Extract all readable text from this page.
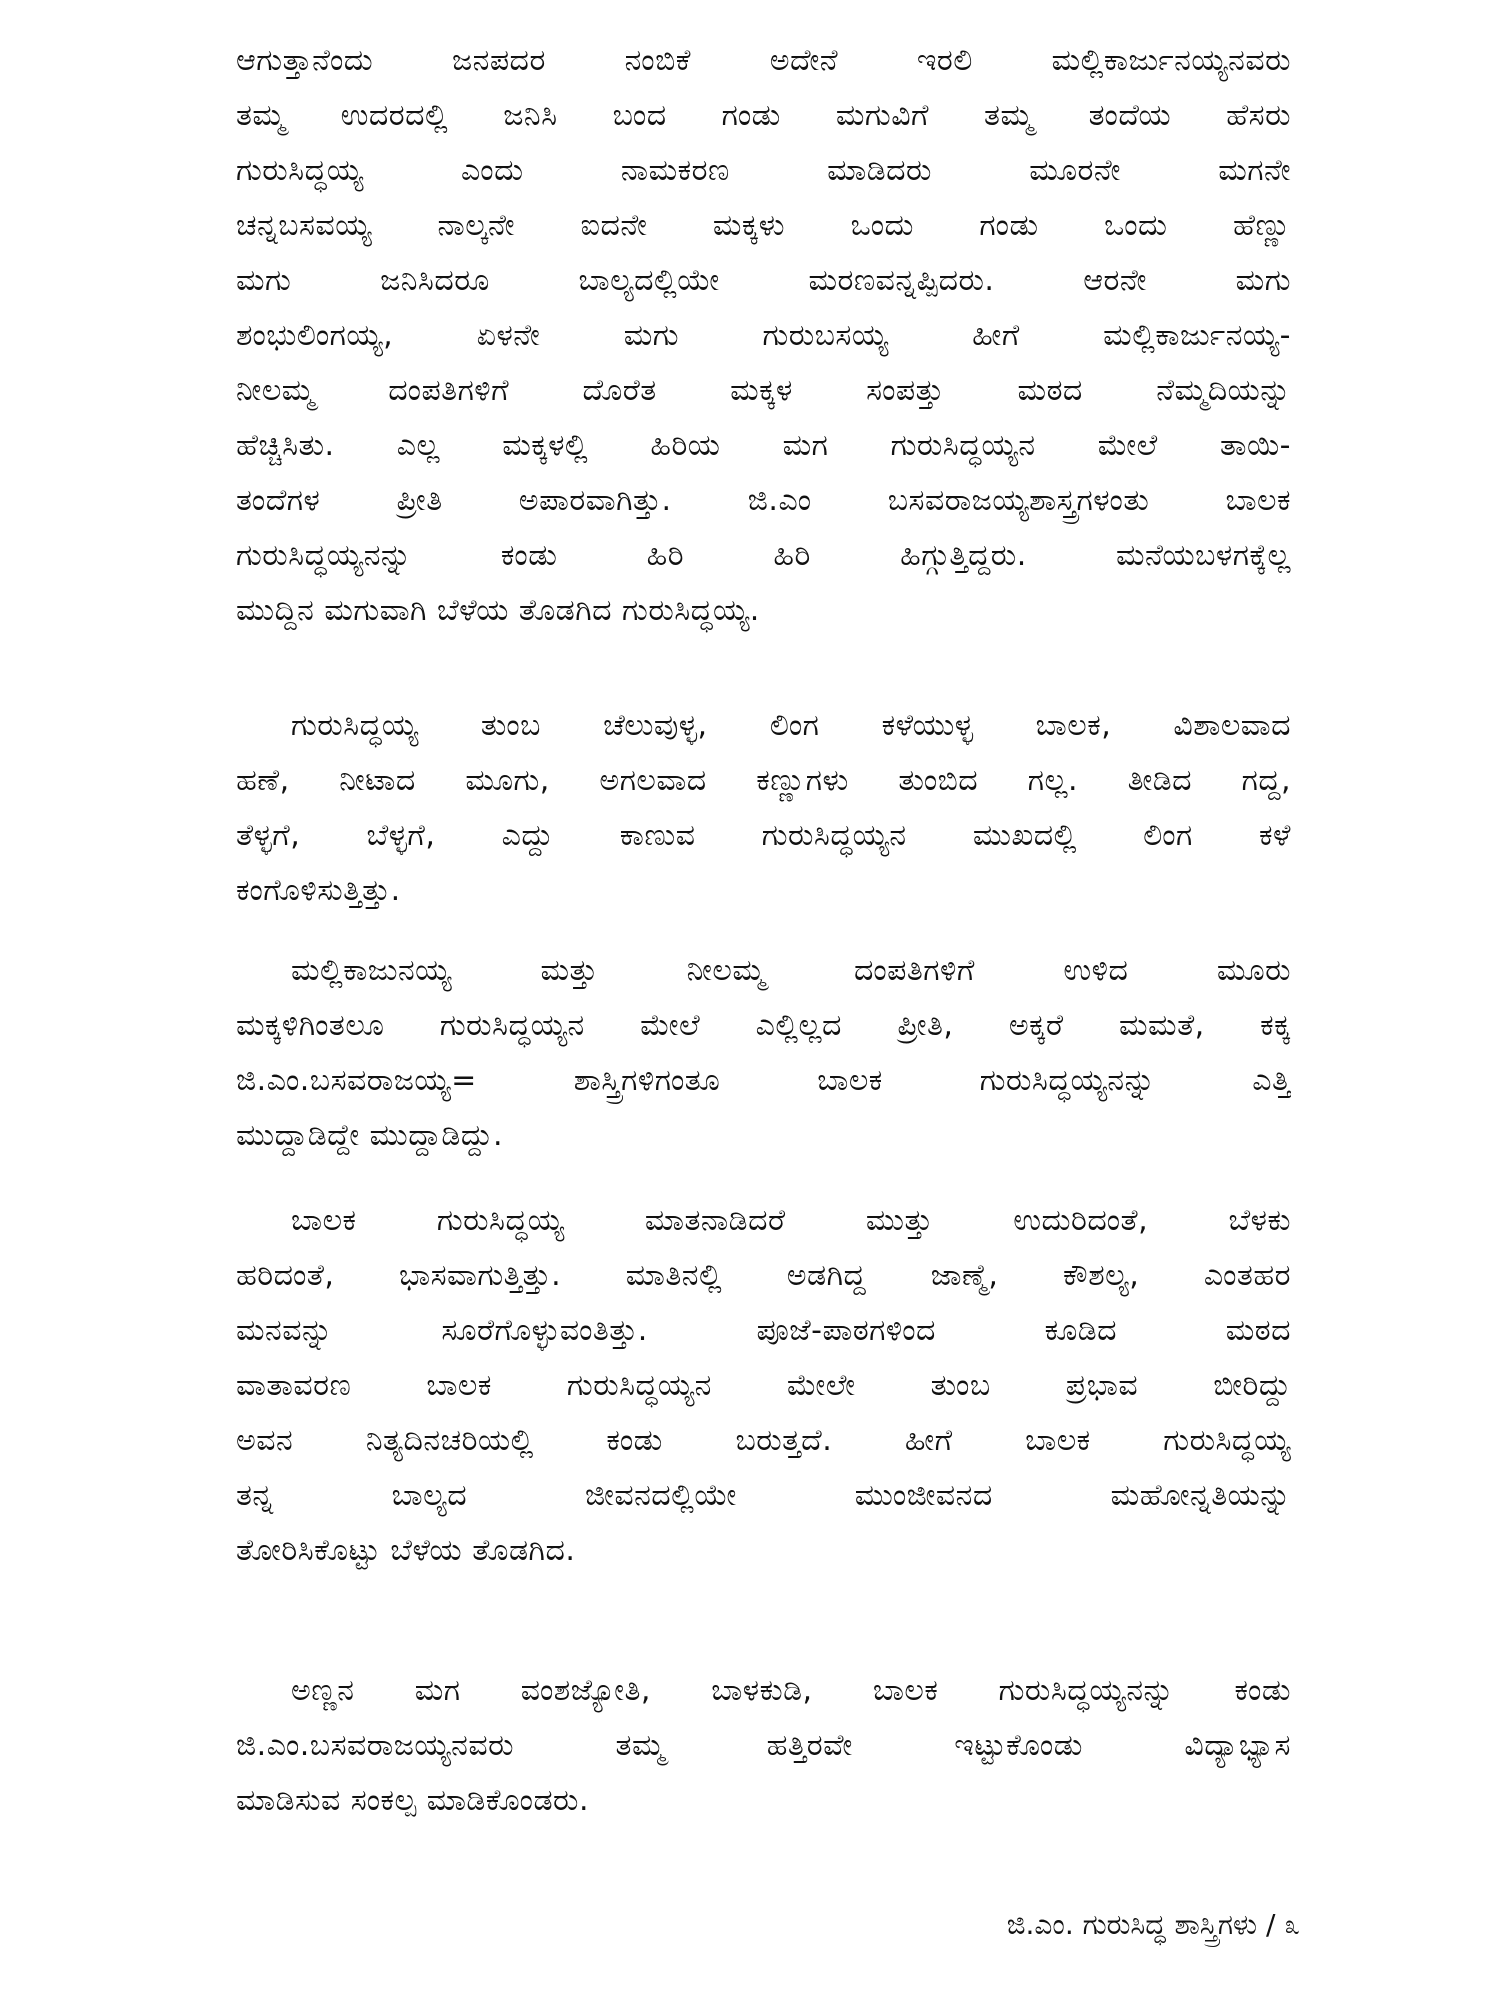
ಆಗುತ್ತಾನೆಂದು ಜನಪದರ ನಂಬಿಕೆ ಅದೇನೆ ಇರಲಿ ಮಲ್ಲಿಕಾರ್ಜುನಯ್ಯನವರು
ತಮ್ಮ ಉದರದಲ್ಲಿ ಜನಿಸಿ ಬಂದ ಗಂಡು ಮಗುವಿಗೆ ತಮ್ಮ ತಂದೆಯ ಹೆಸರು
ಗುರುಸಿದ್ಧಯ್ಯ ಎಂದು ನಾಮಕರಣ ಮಾಡಿದರು ಮೂರನೇ ಮಗನೇ
ಚನ್ನಬಸವಯ್ಯ ನಾಲ್ಕನೇ ಐದನೇ ಮಕ್ಕಳು ಒಂದು ಗಂಡು ಒಂದು ಹೆಣ್ಣು
ಮಗು ಜನಿಸಿದರೂ ಬಾಲ್ಯದಲ್ಲಿಯೇ ಮರಣವನ್ನಪ್ಪಿದರು. ಆರನೇ ಮಗು
ಶಂಭುಲಿಂಗಯ್ಯ, ಏಳನೇ ಮಗು ಗುರುಬಸಯ್ಯ ಹೀಗೆ ಮಲ್ಲಿಕಾರ್ಜುನಯ್ಯ-
ನೀಲಮ್ಮ ದಂಪತಿಗಳಿಗೆ ದೊರೆತ ಮಕ್ಕಳ ಸಂಪತ್ತು ಮಠದ ನೆಮ್ಮದಿಯನ್ನು
ಹೆಚ್ಚಿಸಿತು. ಎಲ್ಲ ಮಕ್ಕಳಲ್ಲಿ ಹಿರಿಯ ಮಗ ಗುರುಸಿದ್ಧಯ್ಯನ ಮೇಲೆ ತಾಯಿ-
ತಂದೆಗಳ ಪ್ರೀತಿ ಅಪಾರವಾಗಿತ್ತು. ಜಿ.ಎಂ ಬಸವರಾಜಯ್ಯಶಾಸ್ತ್ರಗಳಂತು ಬಾಲಕ
ಗುರುಸಿದ್ಧಯ್ಯನನ್ನು ಕಂಡು ಹಿರಿ ಹಿರಿ ಹಿಗ್ಗುತ್ತಿದ್ದರು. ಮನೆಯಬಳಗಕ್ಕೆಲ್ಲ
ಮುದ್ದಿನ ಮಗುವಾಗಿ ಬೆಳೆಯ ತೊಡಗಿದ ಗುರುಸಿದ್ಧಯ್ಯ.
ಗುರುಸಿದ್ಧಯ್ಯ ತುಂಬ ಚೆಲುವುಳ್ಳ, ಲಿಂಗ ಕಳೆಯುಳ್ಳ ಬಾಲಕ, ವಿಶಾಲವಾದ
ಹಣೆ, ನೀಟಾದ ಮೂಗು, ಅಗಲವಾದ ಕಣ್ಣುಗಳು ತುಂಬಿದ ಗಲ್ಲ. ತೀಡಿದ ಗದ್ದ,
ತೆಳ್ಳಗೆ, ಬೆಳ್ಳಗೆ, ಎದ್ದು ಕಾಣುವ ಗುರುಸಿದ್ಧಯ್ಯನ ಮುಖದಲ್ಲಿ ಲಿಂಗ ಕಳೆ
ಕಂಗೊಳಿಸುತ್ತಿತ್ತು.
ಮಲ್ಲಿಕಾಜುನಯ್ಯ ಮತ್ತು ನೀಲಮ್ಮ ದಂಪತಿಗಳಿಗೆ ಉಳಿದ ಮೂರು
ಮಕ್ಕಳಿಗಿಂತಲೂ ಗುರುಸಿದ್ಧಯ್ಯನ ಮೇಲೆ ಎಲ್ಲಿಲ್ಲದ ಪ್ರೀತಿ, ಅಕ್ಕರೆ ಮಮತೆ, ಕಕ್ಕ
ಜಿ.ಎಂ.ಬಸವರಾಜಯ್ಯ= ಶಾಸ್ತ್ರಿಗಳಿಗಂತೂ ಬಾಲಕ ಗುರುಸಿದ್ಧಯ್ಯನನ್ನು ಎತ್ತಿ
ಮುದ್ದಾಡಿದ್ದೇ ಮುದ್ದಾಡಿದ್ದು.
ಬಾಲಕ ಗುರುಸಿದ್ಧಯ್ಯ ಮಾತನಾಡಿದರೆ ಮುತ್ತು ಉದುರಿದಂತೆ, ಬೆಳಕು
ಹರಿದಂತೆ, ಭಾಸವಾಗುತ್ತಿತ್ತು. ಮಾತಿನಲ್ಲಿ ಅಡಗಿದ್ದ ಜಾಣ್ಮೆ, ಕೌಶಲ್ಯ, ಎಂತಹರ
ಮನವನ್ನು ಸೂರೆಗೊಳ್ಳುವಂತಿತ್ತು. ಪೂಜೆ-ಪಾಠಗಳಿಂದ ಕೂಡಿದ ಮಠದ
ವಾತಾವರಣ ಬಾಲಕ ಗುರುಸಿದ್ಧಯ್ಯನ ಮೇಲೇ ತುಂಬ ಪ್ರಭಾವ ಬೀರಿದ್ದು
ಅವನ ನಿತ್ಯದಿನಚರಿಯಲ್ಲಿ ಕಂಡು ಬರುತ್ತದೆ. ಹೀಗೆ ಬಾಲಕ ಗುರುಸಿದ್ಧಯ್ಯ
ತನ್ನ ಬಾಲ್ಯದ ಜೀವನದಲ್ಲಿಯೇ ಮುಂಜೀವನದ ಮಹೋನ್ನತಿಯನ್ನು
ತೋರಿಸಿಕೊಟ್ಟು ಬೆಳೆಯ ತೊಡಗಿದ.
ಅಣ್ಣನ ಮಗ ವಂಶಜ್ಯೋತಿ, ಬಾಳಕುಡಿ, ಬಾಲಕ ಗುರುಸಿದ್ಧಯ್ಯನನ್ನು ಕಂಡು
ಜಿ.ಎಂ.ಬಸವರಾಜಯ್ಯನವರು ತಮ್ಮ ಹತ್ತಿರವೇ ಇಟ್ಟುಕೊಂಡು ವಿದ್ಯಾಭ್ಯಾಸ
ಮಾಡಿಸುವ ಸಂಕಲ್ಪ ಮಾಡಿಕೊಂಡರು.
ಜಿ.ಎಂ. ಗುರುಸಿದ್ಧ ಶಾಸ್ತ್ರಿಗಳು / ೩
